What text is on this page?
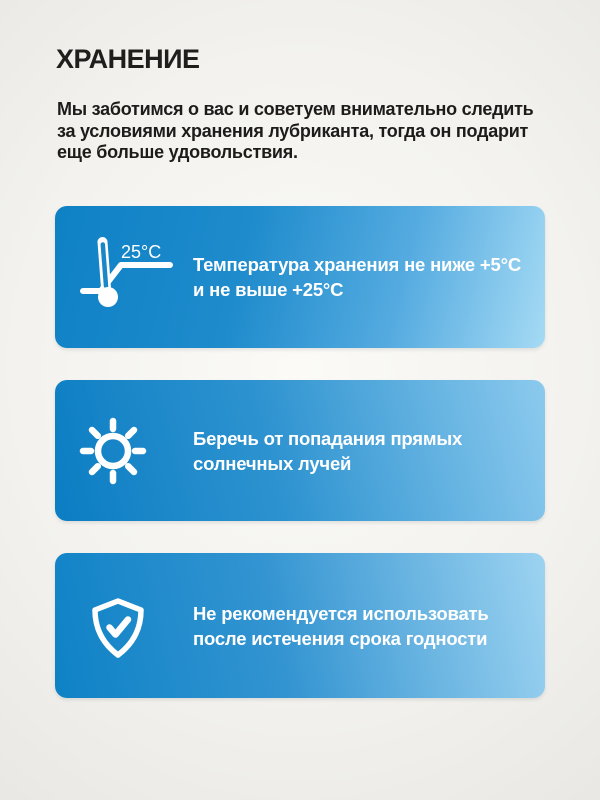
ХРАНЕНИЕ
Мы заботимся о вас и советуем внимательно следить
за условиями хранения лубриканта, тогда он подарит
еще больше удовольствия.
25°C
Температура хранения не ниже +5°С
и не выше +25°С
Беречь от попадания прямых
солнечных лучей
Не рекомендуется использовать
после истечения срока годности
